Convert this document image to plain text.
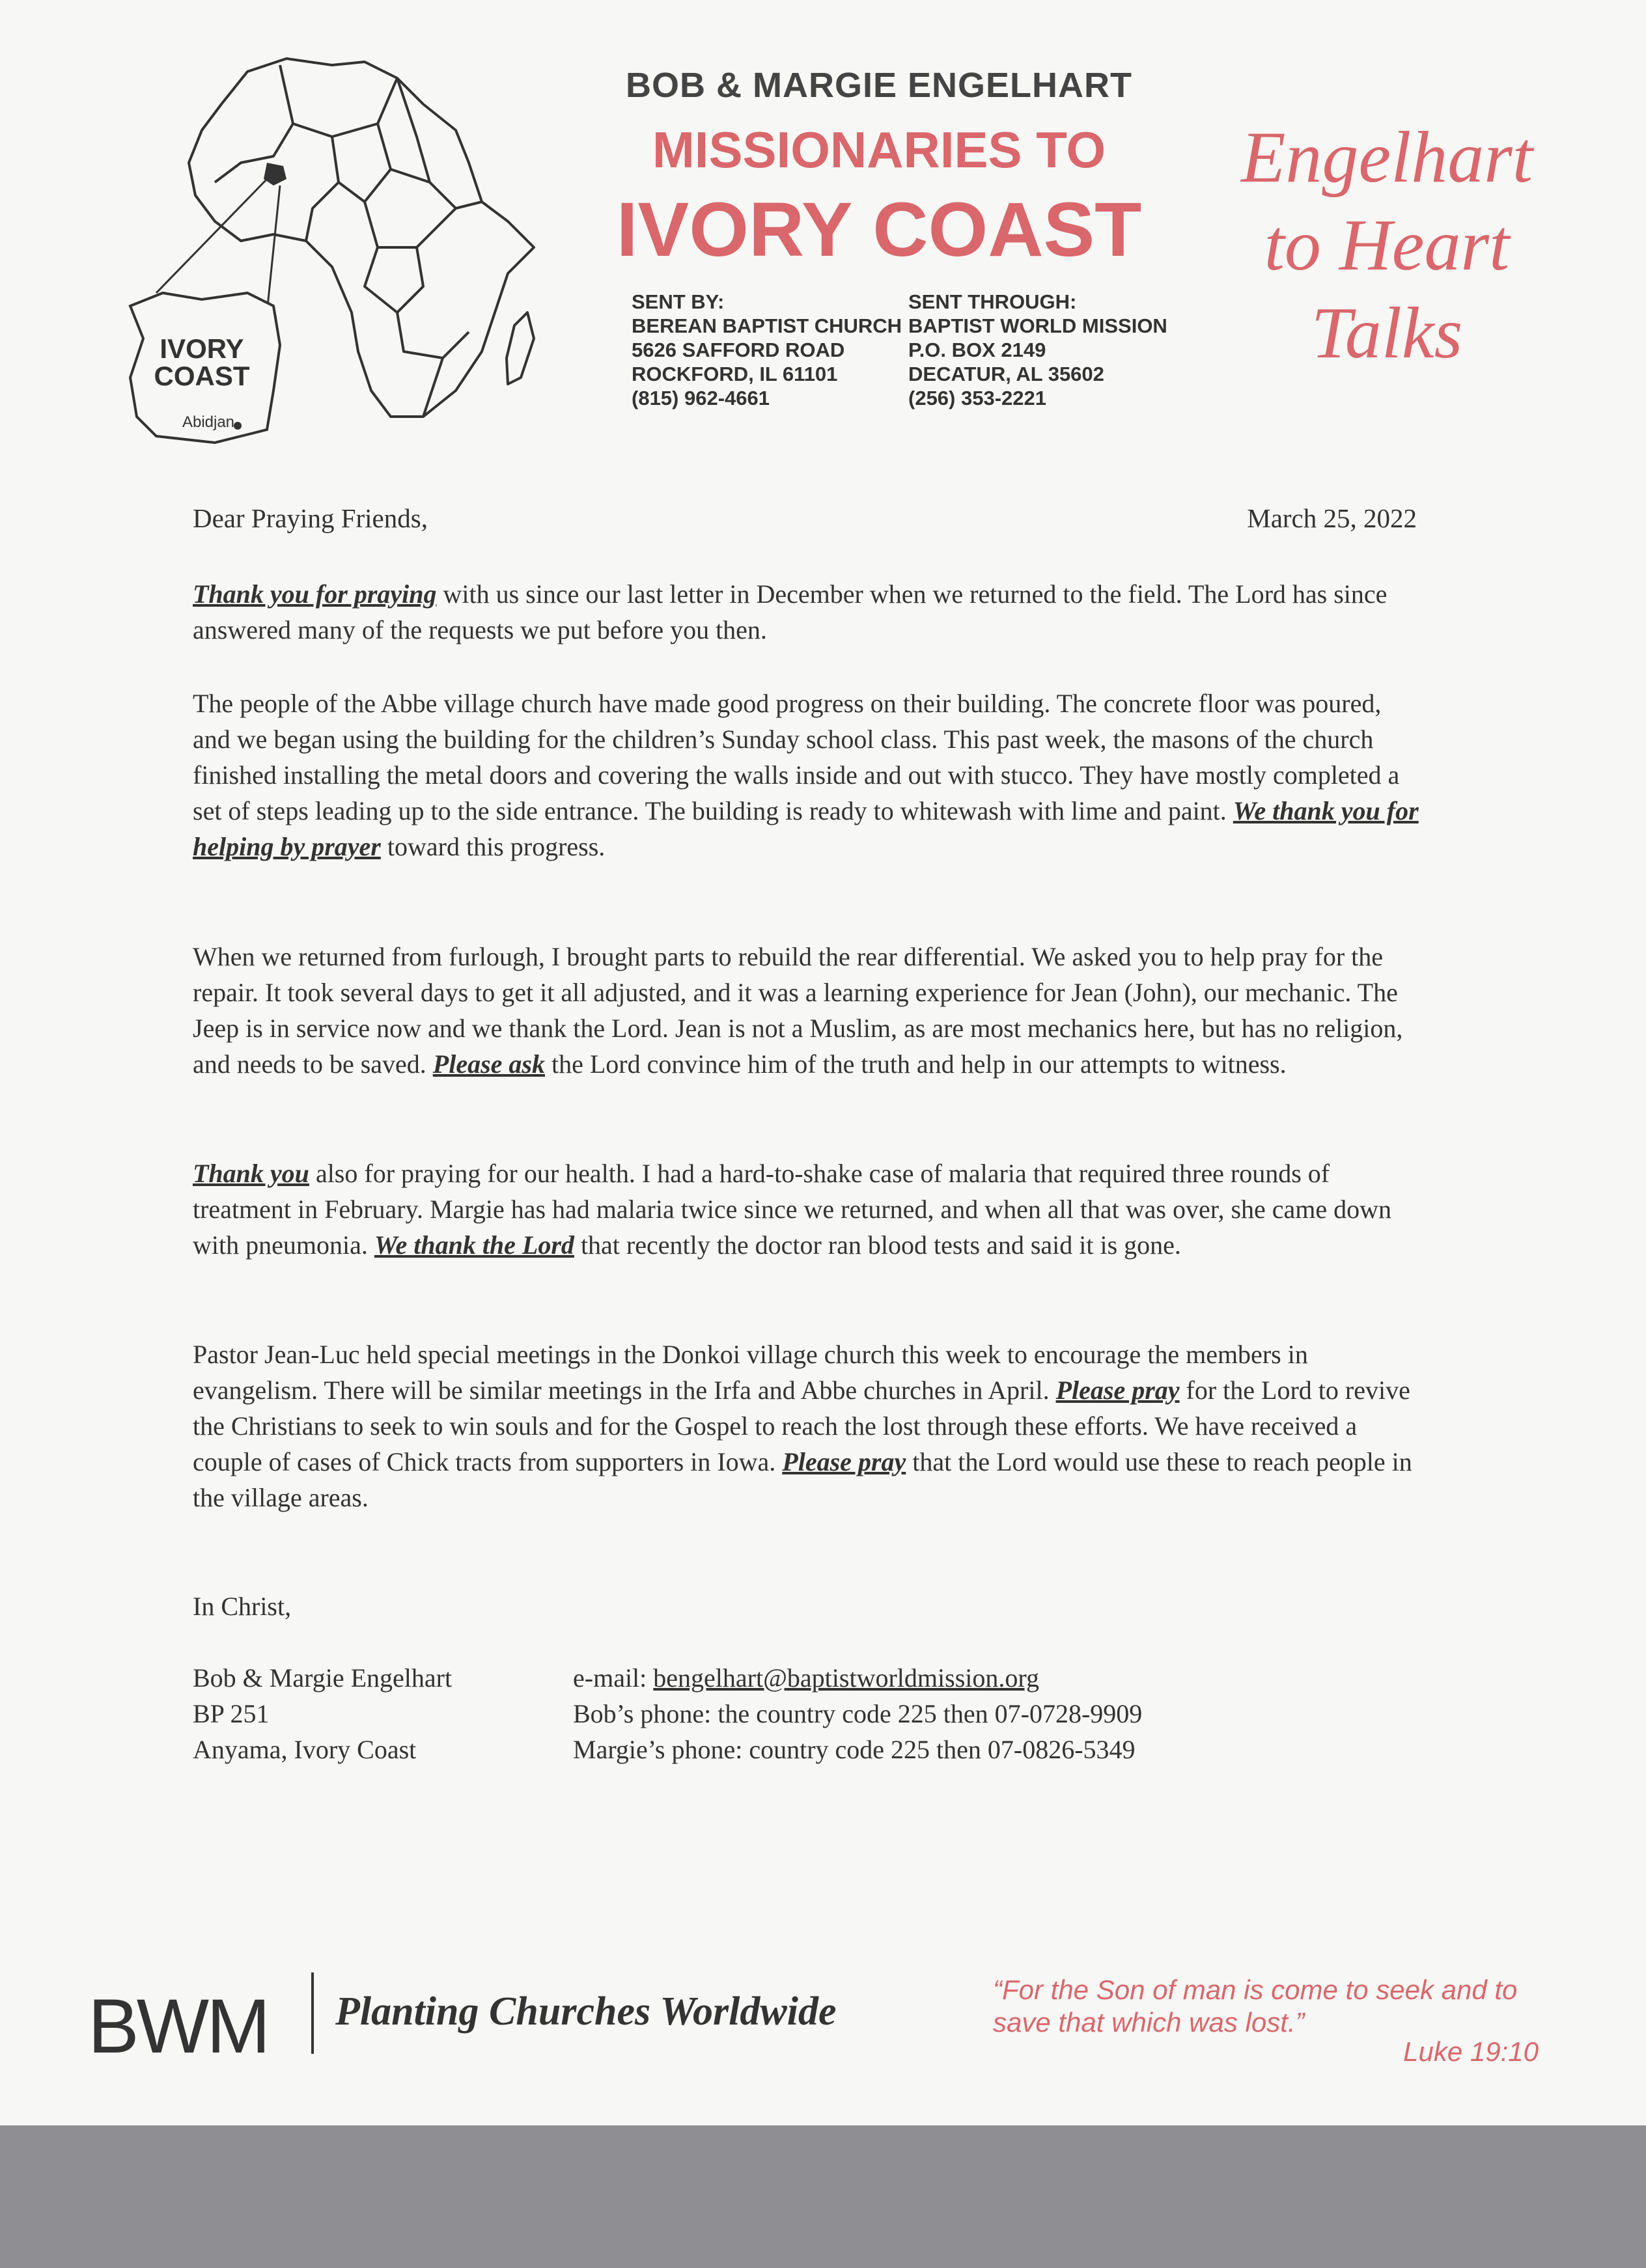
IVORY
COAST
Abidjan
BOB & MARGIE ENGELHART
MISSIONARIES TO
IVORY COAST
SENT BY:
BEREAN BAPTIST CHURCH
5626 SAFFORD ROAD
ROCKFORD, IL 61101
(815) 962-4661
SENT THROUGH:
BAPTIST WORLD MISSION
P.O. BOX 2149
DECATUR, AL 35602
(256) 353-2221
Engelhart
to Heart
Talks
Dear Praying Friends,	March 25, 2022
Thank you for praying with us since our last letter in December when we returned to the field. The Lord has since answered many of the requests we put before you then.
The people of the Abbe village church have made good progress on their building. The concrete floor was poured, and we began using the building for the children’s Sunday school class. This past week, the masons of the church finished installing the metal doors and covering the walls inside and out with stucco. They have mostly completed a set of steps leading up to the side entrance. The building is ready to whitewash with lime and paint. We thank you for helping by prayer toward this progress.
When we returned from furlough, I brought parts to rebuild the rear differential. We asked you to help pray for the repair. It took several days to get it all adjusted, and it was a learning experience for Jean (John), our mechanic. The Jeep is in service now and we thank the Lord. Jean is not a Muslim, as are most mechanics here, but has no religion, and needs to be saved. Please ask the Lord convince him of the truth and help in our attempts to witness.
Thank you also for praying for our health. I had a hard-to-shake case of malaria that required three rounds of treatment in February. Margie has had malaria twice since we returned, and when all that was over, she came down with pneumonia. We thank the Lord that recently the doctor ran blood tests and said it is gone.
Pastor Jean-Luc held special meetings in the Donkoi village church this week to encourage the members in evangelism. There will be similar meetings in the Irfa and Abbe churches in April. Please pray for the Lord to revive the Christians to seek to win souls and for the Gospel to reach the lost through these efforts. We have received a couple of cases of Chick tracts from supporters in Iowa. Please pray that the Lord would use these to reach people in the village areas.
In Christ,
Bob & Margie Engelhart
BP 251
Anyama, Ivory Coast
e-mail: bengelhart@baptistworldmission.org
Bob’s phone: the country code 225 then 07-0728-9909
Margie’s phone: country code 225 then 07-0826-5349
BWM Planting Churches Worldwide	“For the Son of man is come to seek and to save that which was lost.”
Luke 19:10
